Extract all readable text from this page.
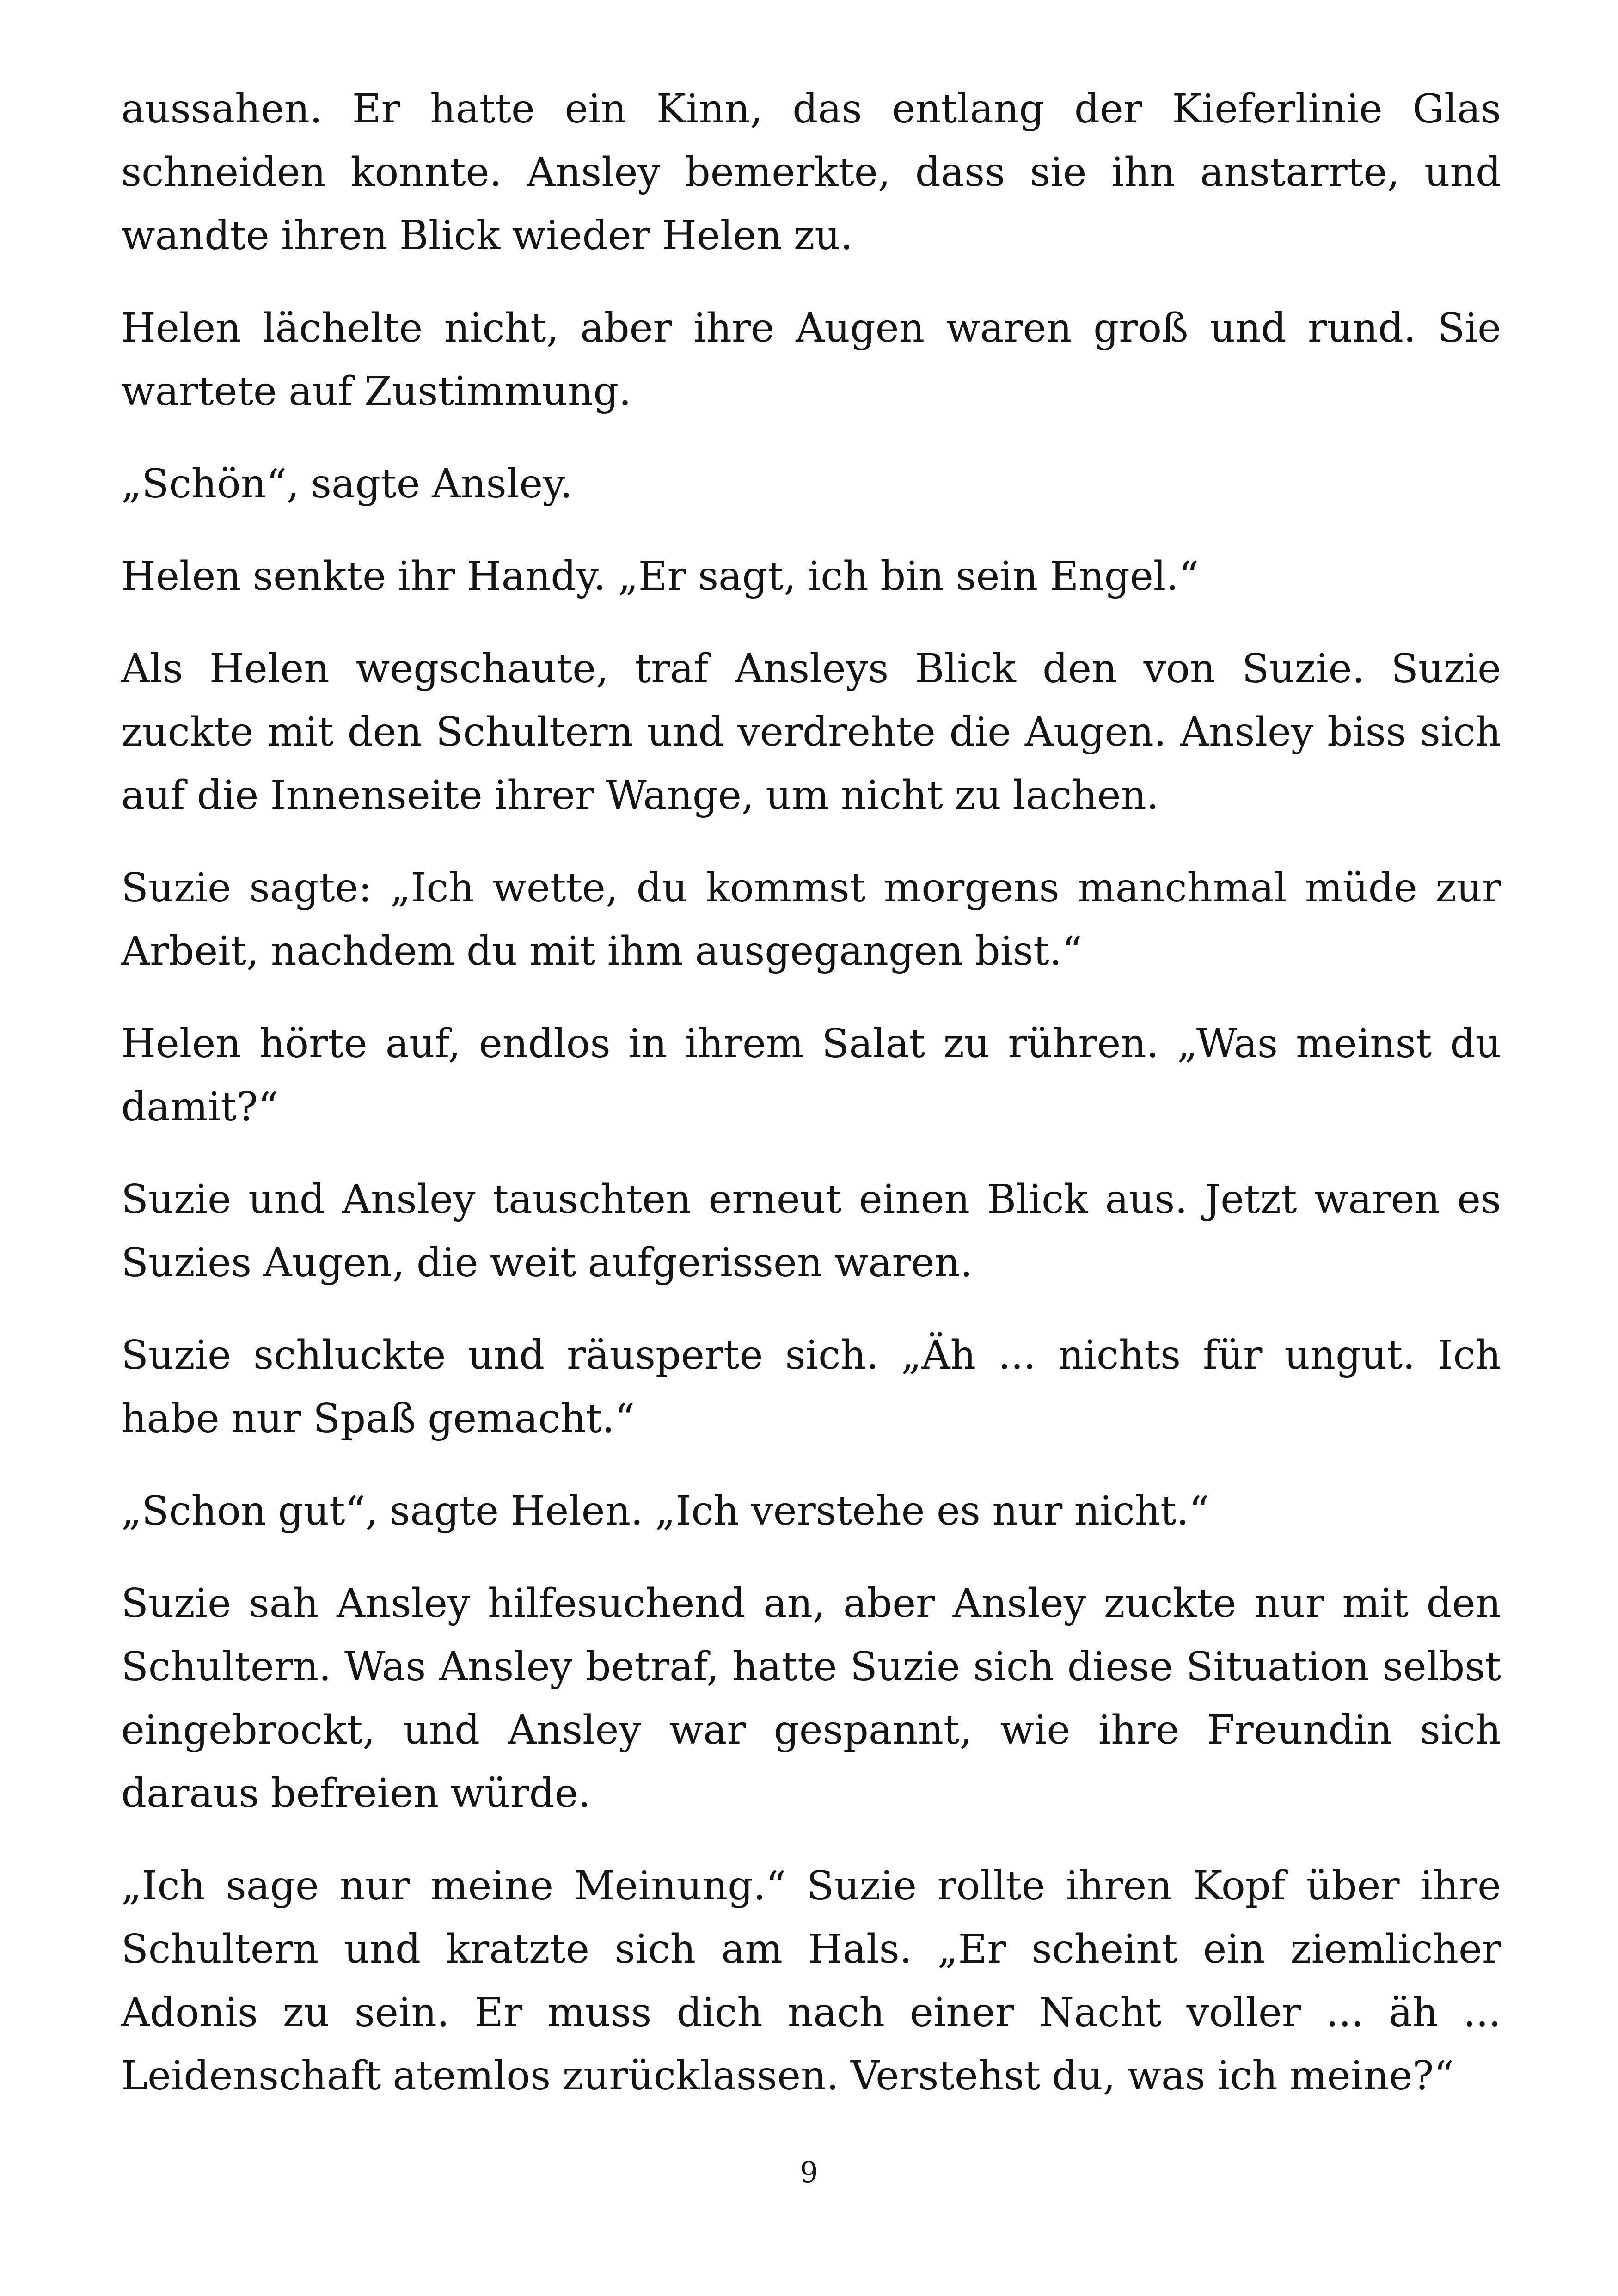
aussahen. Er hatte ein Kinn, das entlang der Kieferlinie Glas schneiden konnte. Ansley bemerkte, dass sie ihn anstarrte, und wandte ihren Blick wieder Helen zu.

Helen lächelte nicht, aber ihre Augen waren groß und rund. Sie wartete auf Zustimmung.

„Schön“, sagte Ansley.

Helen senkte ihr Handy. „Er sagt, ich bin sein Engel.“

Als Helen wegschaute, traf Ansleys Blick den von Suzie. Suzie zuckte mit den Schultern und verdrehte die Augen. Ansley biss sich auf die Innenseite ihrer Wange, um nicht zu lachen.

Suzie sagte: „Ich wette, du kommst morgens manchmal müde zur Arbeit, nachdem du mit ihm ausgegangen bist.“

Helen hörte auf, endlos in ihrem Salat zu rühren. „Was meinst du damit?“

Suzie und Ansley tauschten erneut einen Blick aus. Jetzt waren es Suzies Augen, die weit aufgerissen waren.

Suzie schluckte und räusperte sich. „Äh ... nichts für ungut. Ich habe nur Spaß gemacht.“

„Schon gut“, sagte Helen. „Ich verstehe es nur nicht.“

Suzie sah Ansley hilfesuchend an, aber Ansley zuckte nur mit den Schultern. Was Ansley betraf, hatte Suzie sich diese Situation selbst eingebrockt, und Ansley war gespannt, wie ihre Freundin sich daraus befreien würde.

„Ich sage nur meine Meinung.“ Suzie rollte ihren Kopf über ihre Schultern und kratzte sich am Hals. „Er scheint ein ziemlicher Adonis zu sein. Er muss dich nach einer Nacht voller ... äh ... Leidenschaft atemlos zurücklassen. Verstehst du, was ich meine?“

9
